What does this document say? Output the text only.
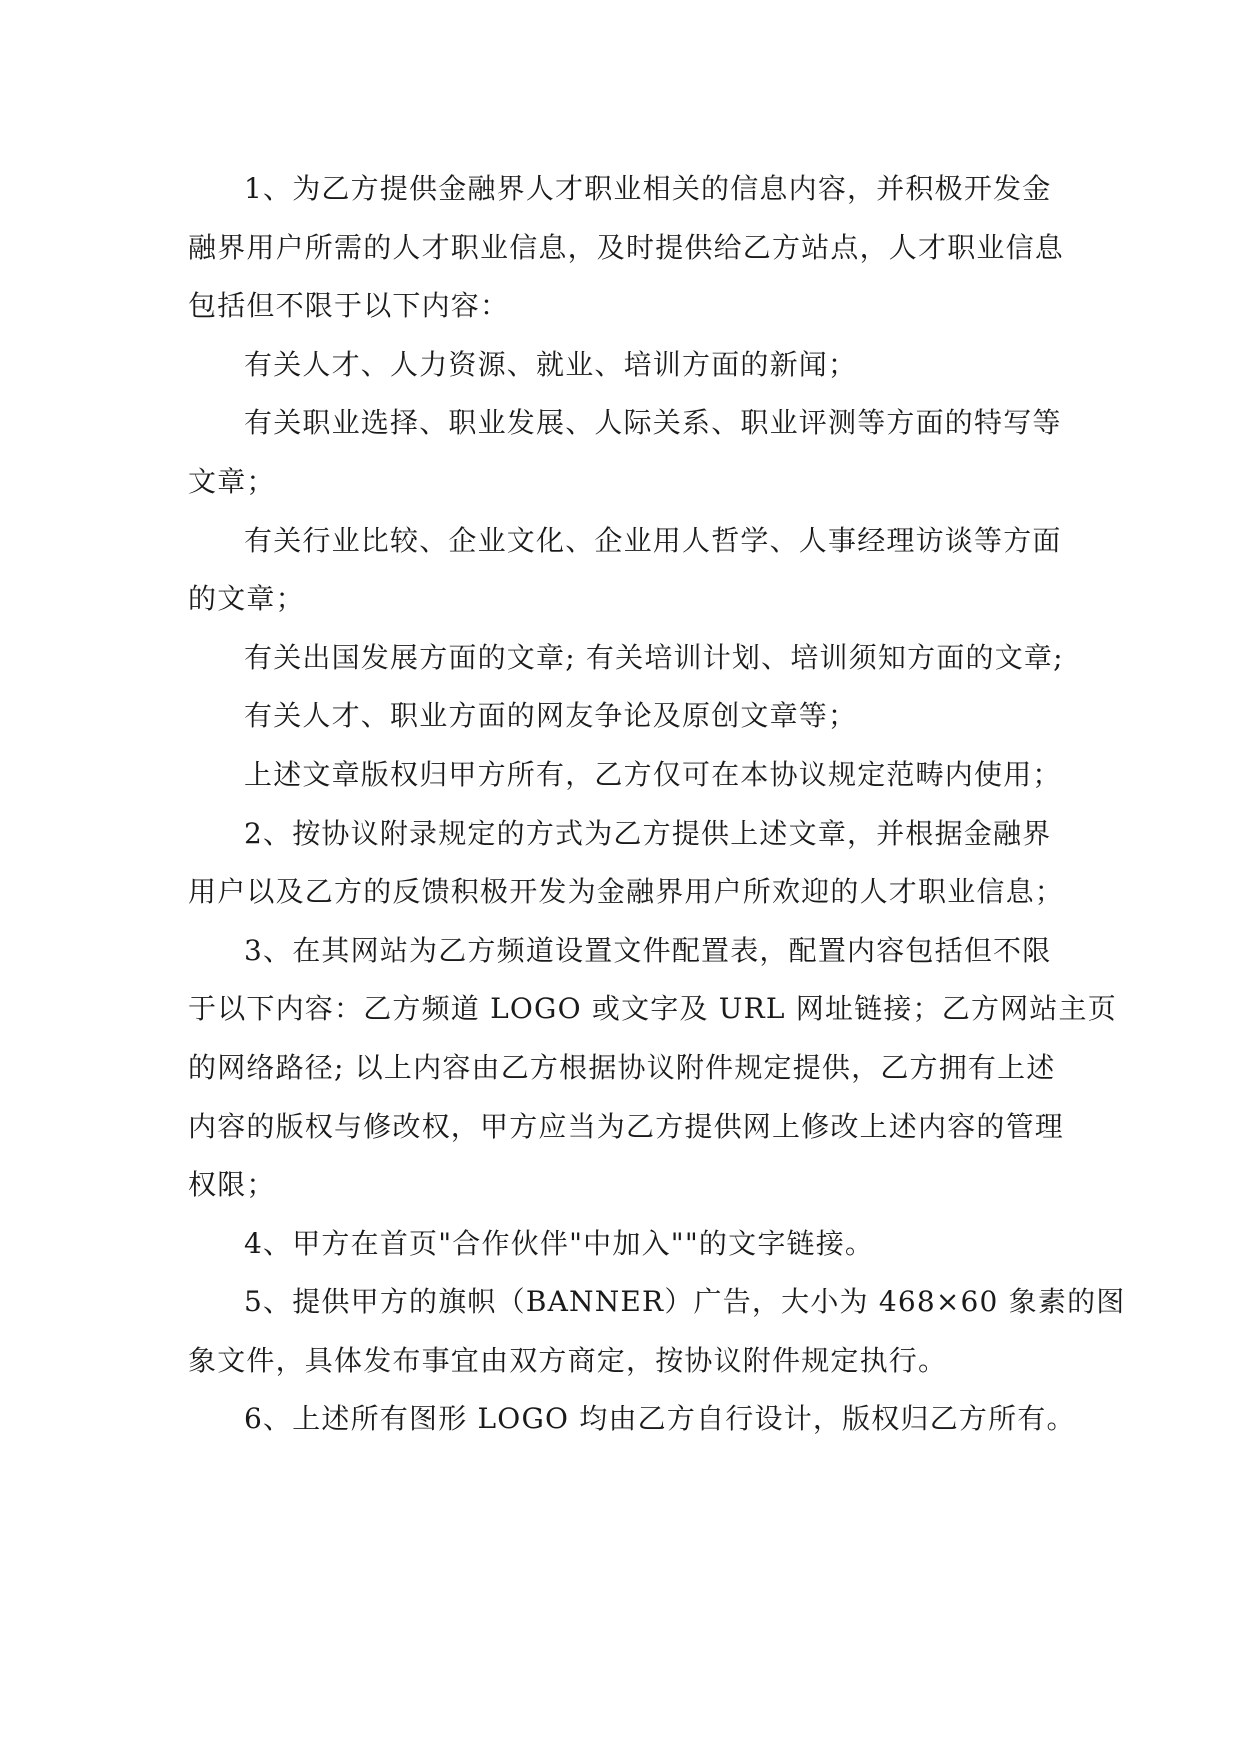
1、为乙方提供金融界人才职业相关的信息内容，并积极开发金

融界用户所需的人才职业信息，及时提供给乙方站点，人才职业信息

包括但不限于以下内容：

有关人才、人力资源、就业、培训方面的新闻；

有关职业选择、职业发展、人际关系、职业评测等方面的特写等

文章；

有关行业比较、企业文化、企业用人哲学、人事经理访谈等方面

的文章；

有关出国发展方面的文章; 有关培训计划、培训须知方面的文章;

有关人才、职业方面的网友争论及原创文章等；

上述文章版权归甲方所有，乙方仅可在本协议规定范畴内使用；

2、按协议附录规定的方式为乙方提供上述文章，并根据金融界

用户以及乙方的反馈积极开发为金融界用户所欢迎的人才职业信息；

3、在其网站为乙方频道设置文件配置表，配置内容包括但不限

于以下内容：乙方频道 LOGO 或文字及 URL 网址链接；乙方网站主页

的网络路径; 以上内容由乙方根据协议附件规定提供，乙方拥有上述

内容的版权与修改权，甲方应当为乙方提供网上修改上述内容的管理

权限；

4、甲方在首页"合作伙伴"中加入""的文字链接。

5、提供甲方的旗帜（BANNER）广告，大小为 468×60 象素的图

象文件，具体发布事宜由双方商定，按协议附件规定执行。

6、上述所有图形 LOGO 均由乙方自行设计，版权归乙方所有。
